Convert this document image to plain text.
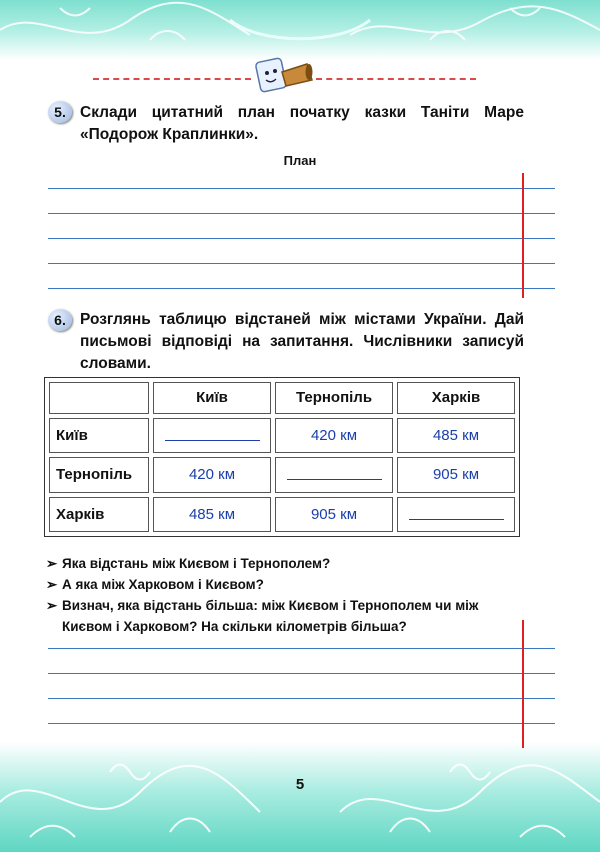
5. Склади цитатний план початку казки Таніти Маре «Подорож Краплинки».
План
6. Розглянь таблицю відстаней між містами України. Дай письмові відповіді на запитання. Числівники записуй словами.
	Київ	Тернопіль	Харків
Київ		420 км	485 км
Тернопіль	420 км		905 км
Харків	485 км	905 км	
➢ Яка відстань між Києвом і Тернополем?
➢ А яка між Харковом і Києвом?
➢ Визнач, яка відстань більша: між Києвом і Тернополем чи між Києвом і Харковом? На скільки кілометрів більша?
5
